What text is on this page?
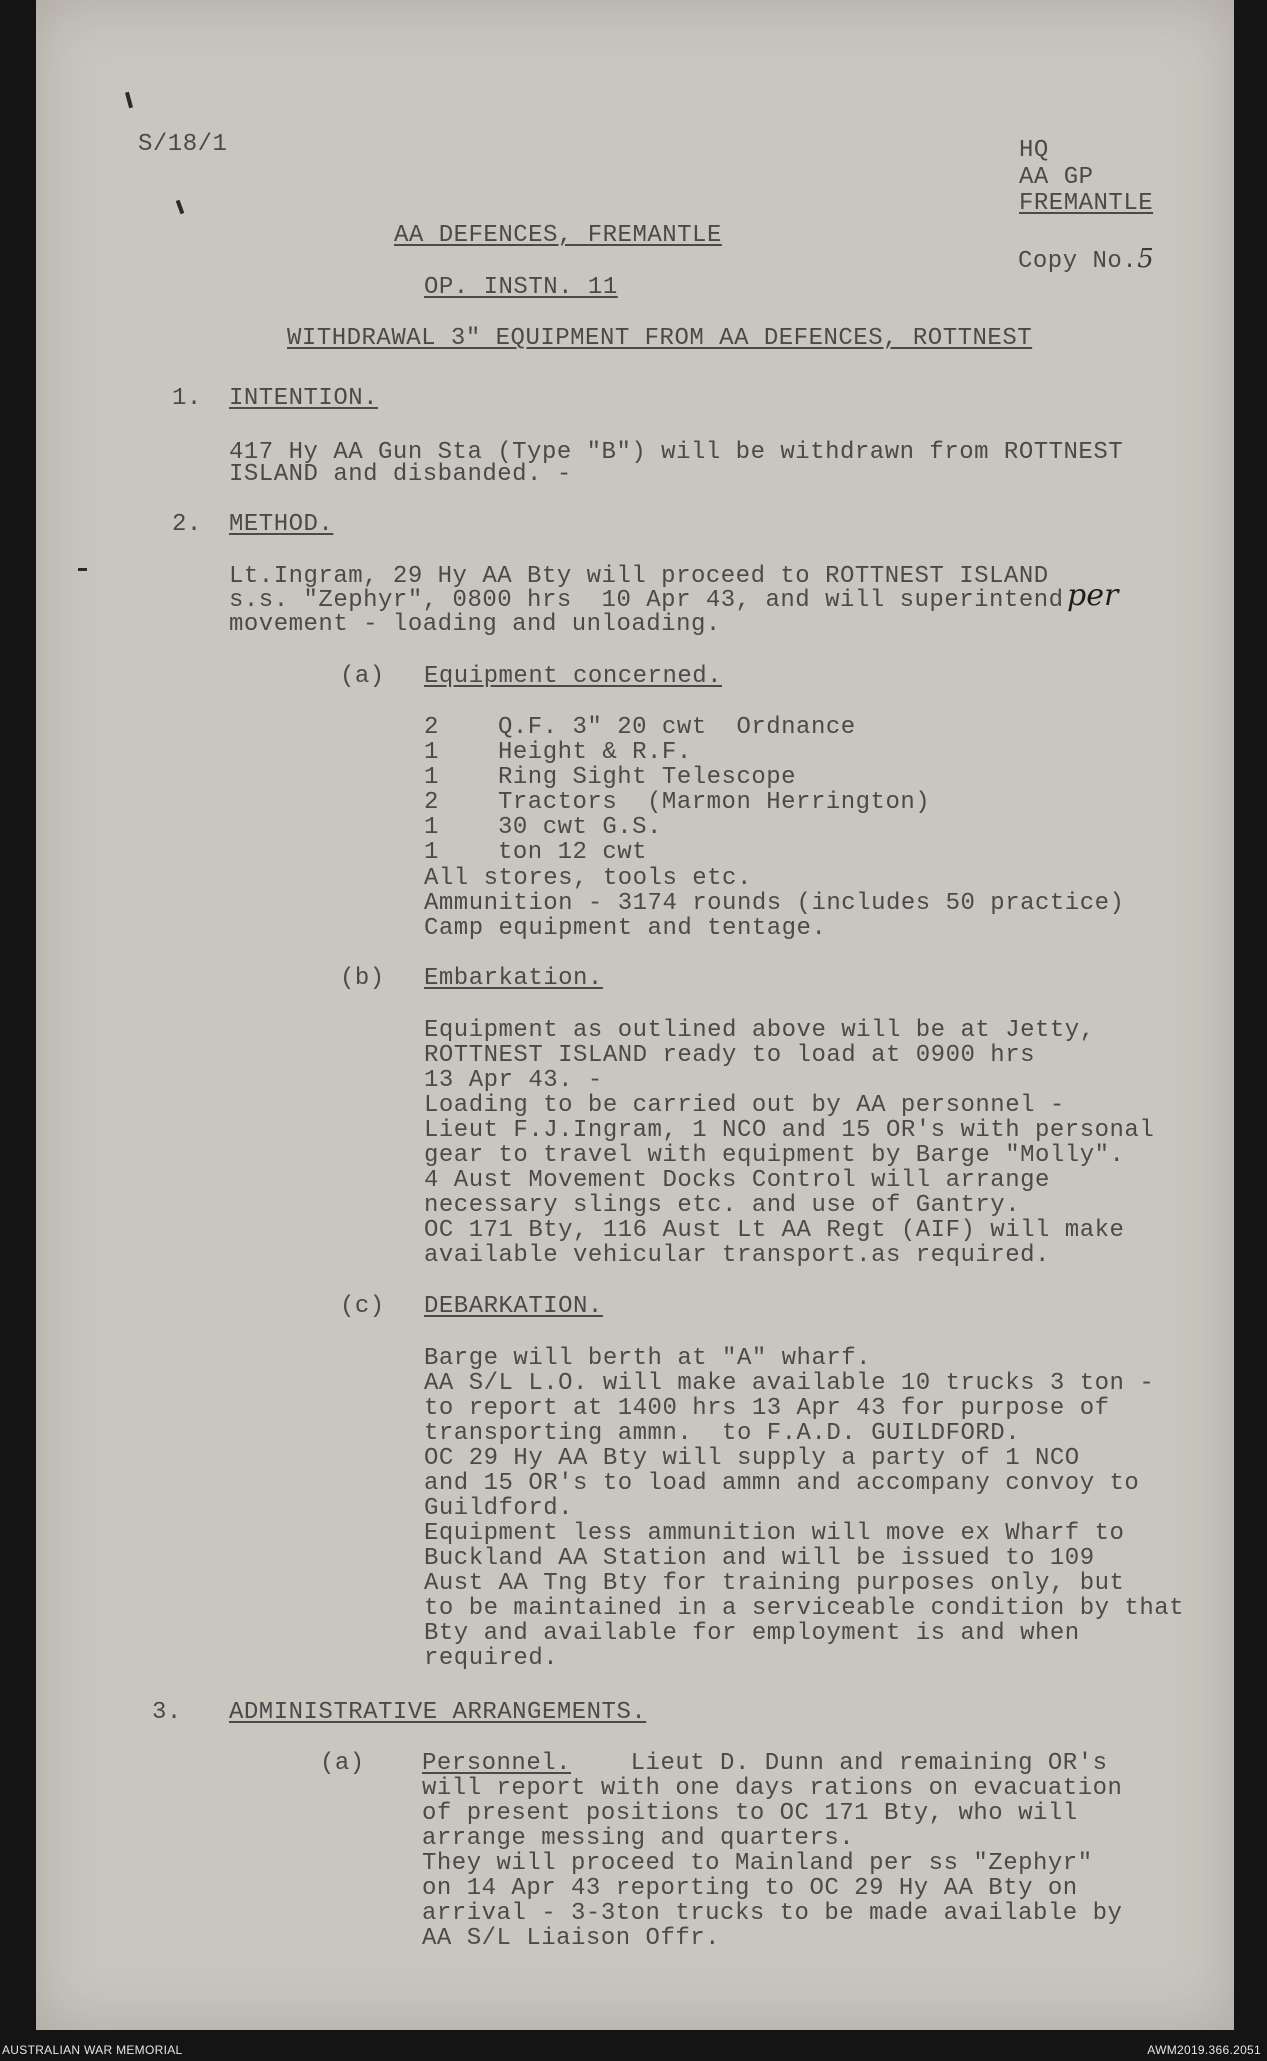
S/18/1	HQ

AA GP

FREMANTLE

Copy No.5

AA DEFENCES, FREMANTLE

OP. INSTN. 11

WITHDRAWAL 3" EQUIPMENT FROM AA DEFENCES, ROTTNEST

1. INTENTION.

417 Hy AA Gun Sta (Type "B") will be withdrawn from ROTTNEST

ISLAND and disbanded. -

2. METHOD.

Lt.Ingram, 29 Hy AA Bty will proceed to ROTTNEST ISLAND

per

s.s. "Zephyr", 0800 hrs  10 Apr 43, and will superintend

movement - loading and unloading.

(a) Equipment concerned.

2 Q.F. 3" 20 cwt  Ordnance

1 Height & R.F.

1 Ring Sight Telescope

2 Tractors  (Marmon Herrington)

1 30 cwt G.S.

1 ton 12 cwt

All stores, tools etc.

Ammunition - 3174 rounds (includes 50 practice)

Camp equipment and tentage.

(b) Embarkation.

Equipment as outlined above will be at Jetty,

ROTTNEST ISLAND ready to load at 0900 hrs

13 Apr 43. -

Loading to be carried out by AA personnel -

Lieut F.J.Ingram, 1 NCO and 15 OR's with personal

gear to travel with equipment by Barge "Molly".

4 Aust Movement Docks Control will arrange

necessary slings etc. and use of Gantry.

OC 171 Bty, 116 Aust Lt AA Regt (AIF) will make

available vehicular transport.as required.

(c) DEBARKATION.

Barge will berth at "A" wharf.

AA S/L L.O. will make available 10 trucks 3 ton -

to report at 1400 hrs 13 Apr 43 for purpose of

transporting ammn.  to F.A.D. GUILDFORD.

OC 29 Hy AA Bty will supply a party of 1 NCO

and 15 OR's to load ammn and accompany convoy to

Guildford.

Equipment less ammunition will move ex Wharf to

Buckland AA Station and will be issued to 109

Aust AA Tng Bty for training purposes only, but

to be maintained in a serviceable condition by that

Bty and available for employment is and when

required.

3. ADMINISTRATIVE ARRANGEMENTS.

(a) Personnel. Lieut D. Dunn and remaining OR's

will report with one days rations on evacuation

of present positions to OC 171 Bty, who will

arrange messing and quarters.

They will proceed to Mainland per ss "Zephyr"

on 14 Apr 43 reporting to OC 29 Hy AA Bty on

arrival - 3-3ton trucks to be made available by

AA S/L Liaison Offr.

AUSTRALIAN WAR MEMORIAL	AWM2019.366.2051
